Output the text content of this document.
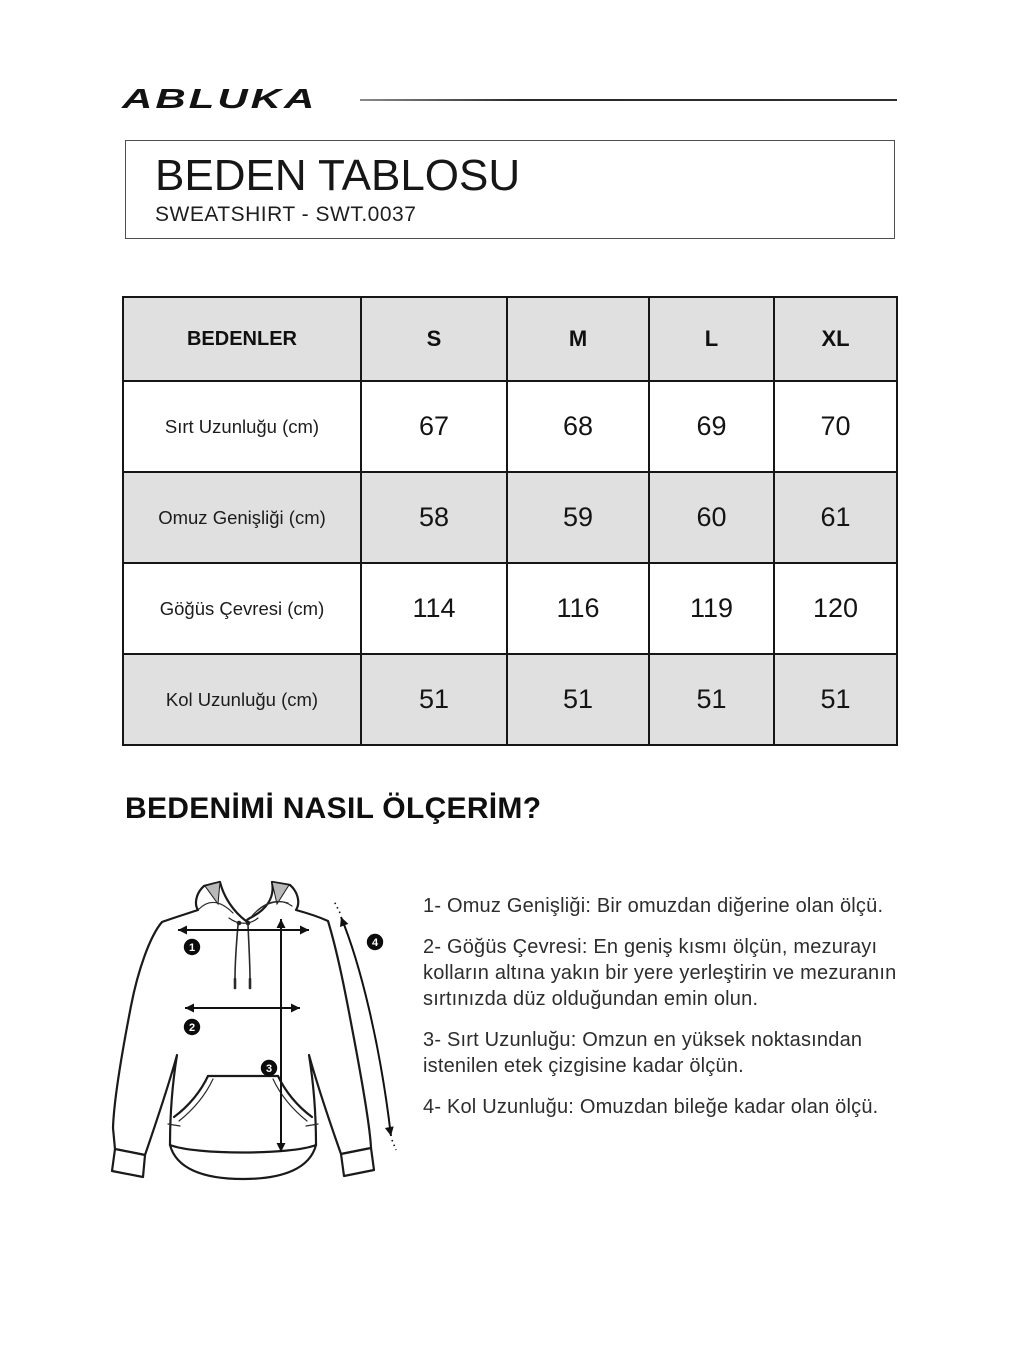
ABLUKA
BEDEN TABLOSU

SWEATSHIRT - SWT.0037

BEDENLER	S	M	L	XL
Sırt Uzunluğu (cm)	67	68	69	70
Omuz Genişliği (cm)	58	59	60	61
Göğüs Çevresi (cm)	114	116	119	120
Kol Uzunluğu (cm)	51	51	51	51
BEDENİMİ NASIL ÖLÇERİM?
1
2
3
4

1- Omuz Genişliği: Bir omuzdan diğerine olan ölçü.

2- Göğüs Çevresi: En geniş kısmı ölçün, mezurayı kolların altına yakın bir yere yerleştirin ve mezuranın sırtınızda düz olduğundan emin olun.

3- Sırt Uzunluğu: Omzun en yüksek noktasından istenilen etek çizgisine kadar ölçün.

4- Kol Uzunluğu: Omuzdan bileğe kadar olan ölçü.
